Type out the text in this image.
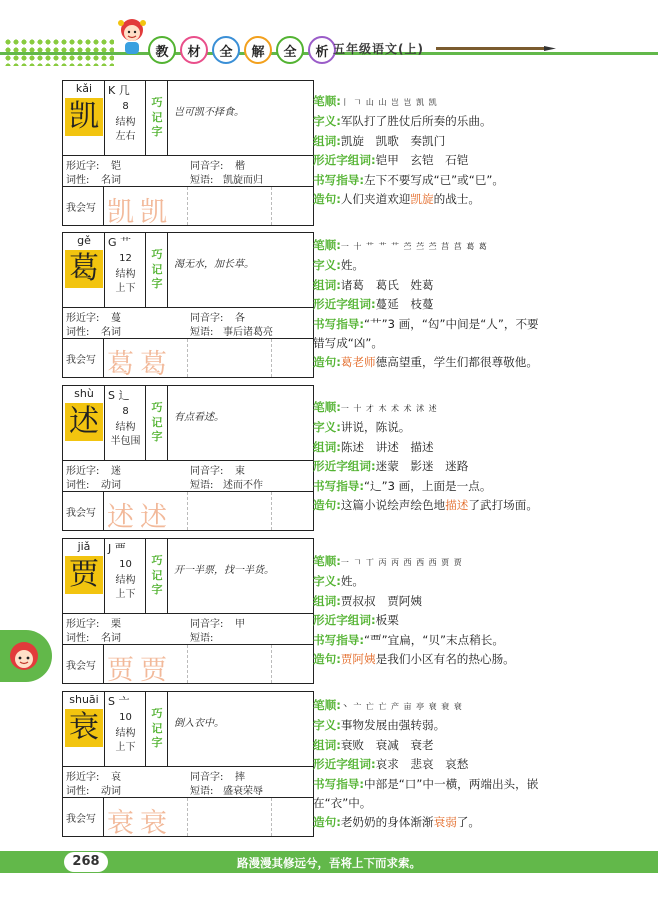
教	材	全	解	全	析 五年级语文(上)
kǎi
凯
K 几
8
结构
左右
巧
记
字
岂可凯不择食。
形近字: 铠	同音字: 楷
词性: 名词	短语: 凯旋而归
我会写 凯凯
gě
葛
G 艹
12
结构
上下
巧
记
字
渴无水，加长草。
形近字: 蔓	同音字: 各
词性: 名词	短语: 事后诸葛亮
我会写 葛葛
shù
述
S 辶
8
结构
半包围
巧
记
字
有点看述。
形近字: 迷	同音字: 束
词性: 动词	短语: 述而不作
我会写 述述
jiǎ
贾
J 覀
10
结构
上下
巧
记
字
开一半票，找一半货。
形近字: 栗	同音字: 甲
词性: 名词	短语:
我会写 贾贾
shuāi
衰
S 亠
10
结构
上下
巧
记
字
倒入衣中。
形近字: 哀	同音字: 摔
词性: 动词	短语: 盛衰荣辱
我会写 衰衰
笔顺:丨 𠃍 山 山 岂 岂 凯 凯
字义:军队打了胜仗后所奏的乐曲。
组词:凯旋　凯歌　奏凯门
形近字组词:铠甲　玄铠　石铠
书写指导:左下不要写成“已”或“巳”。
造句:人们夹道欢迎凯旋的战士。
笔顺:一 十 艹 艹 艹 苎 苎 苎 莒 莒 葛 葛
字义:姓。
组词:诸葛　葛氏　姓葛
形近字组词:蔓延　枝蔓
书写指导:“艹”3 画，“匃”中间是“人”，不要
错写成“凶”。
造句:葛老师德高望重，学生们都很尊敬他。
笔顺:一 十 才 木 术 术 沭 述
字义:讲说，陈说。
组词:陈述　讲述　描述
形近字组词:迷蒙　影迷　迷路
书写指导:“辶”3 画，上面是一点。
造句:这篇小说绘声绘色地描述了武打场面。
笔顺:一 𠃍 丅 丙 丙 西 西 西 贾 贾
字义:姓。
组词:贾叔叔　贾阿姨
形近字组词:板栗
书写指导:“覀”宜扁，“贝”末点稍长。
造句:贾阿姨是我们小区有名的热心肠。
笔顺:丶 亠 亡 亡 产 亩 亭 衰 衰 衰
字义:事物发展由强转弱。
组词:衰败　衰减　衰老
形近字组词:哀求　悲哀　哀愁
书写指导:中部是“口”中一横，两端出头，嵌
在“衣”中。
造句:老奶奶的身体渐渐衰弱了。
268	路漫漫其修远兮，吾将上下而求索。
